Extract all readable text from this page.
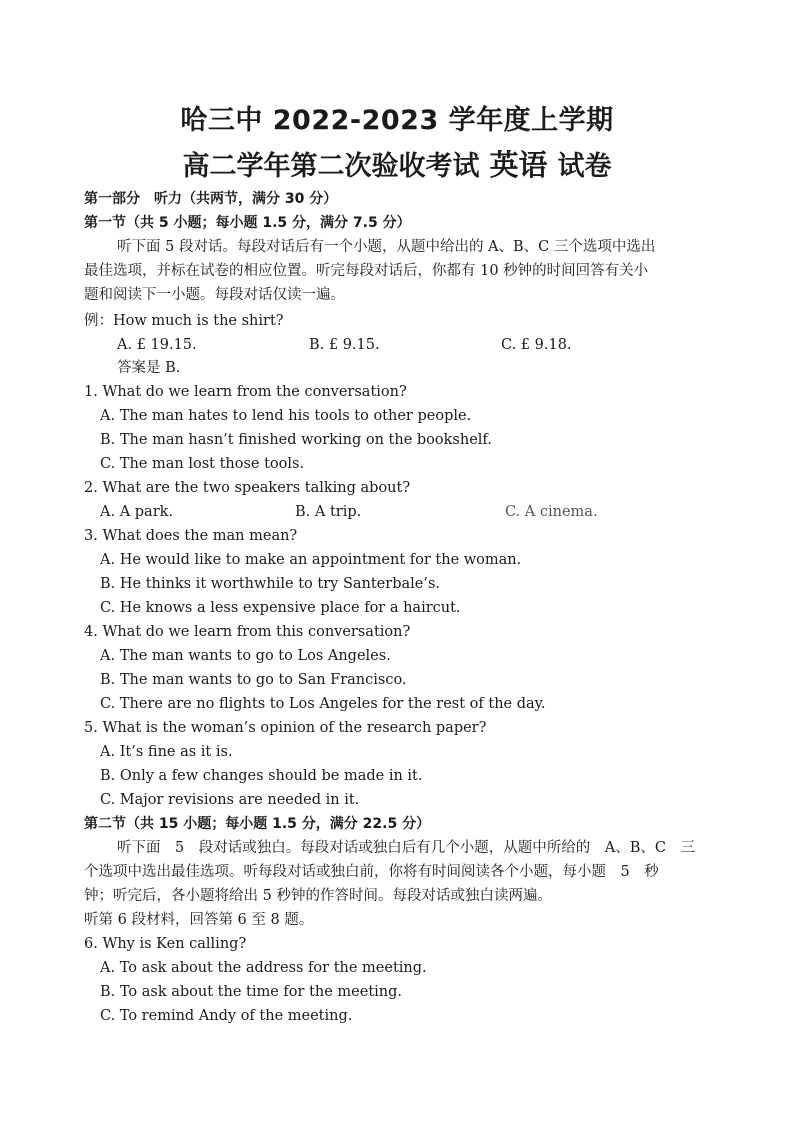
哈三中 2022-2023 学年度上学期
高二学年第二次验收考试 英语 试卷
第一部分　听力（共两节，满分 30 分）
第一节（共 5 小题；每小题 1.5 分，满分 7.5 分）
听下面 5 段对话。每段对话后有一个小题，从题中给出的 A、B、C 三个选项中选出
最佳选项，并标在试卷的相应位置。听完每段对话后，你都有 10 秒钟的时间回答有关小
题和阅读下一小题。每段对话仅读一遍。
例：How much is the shirt?
A. £ 19.15.	B. £ 9.15.	C. £ 9.18.
答案是 B.
1. What do we learn from the conversation?
A. The man hates to lend his tools to other people.
B. The man hasn’t finished working on the bookshelf.
C. The man lost those tools.
2. What are the two speakers talking about?
A. A park.	B. A trip.	C. A cinema.
3. What does the man mean?
A. He would like to make an appointment for the woman.
B. He thinks it worthwhile to try Santerbale’s.
C. He knows a less expensive place for a haircut.
4. What do we learn from this conversation?
A. The man wants to go to Los Angeles.
B. The man wants to go to San Francisco.
C. There are no flights to Los Angeles for the rest of the day.
5. What is the woman’s opinion of the research paper?
A. It’s fine as it is.
B. Only a few changes should be made in it.
C. Major revisions are needed in it.
第二节（共 15 小题；每小题 1.5 分，满分 22.5 分）
听下面　5　段对话或独白。每段对话或独白后有几个小题，从题中所给的　A、B、C　三
个选项中选出最佳选项。听每段对话或独白前，你将有时间阅读各个小题，每小题　5　秒
钟；听完后，各小题将给出 5 秒钟的作答时间。每段对话或独白读两遍。
听第 6 段材料，回答第 6 至 8 题。
6. Why is Ken calling?
A. To ask about the address for the meeting.
B. To ask about the time for the meeting.
C. To remind Andy of the meeting.
